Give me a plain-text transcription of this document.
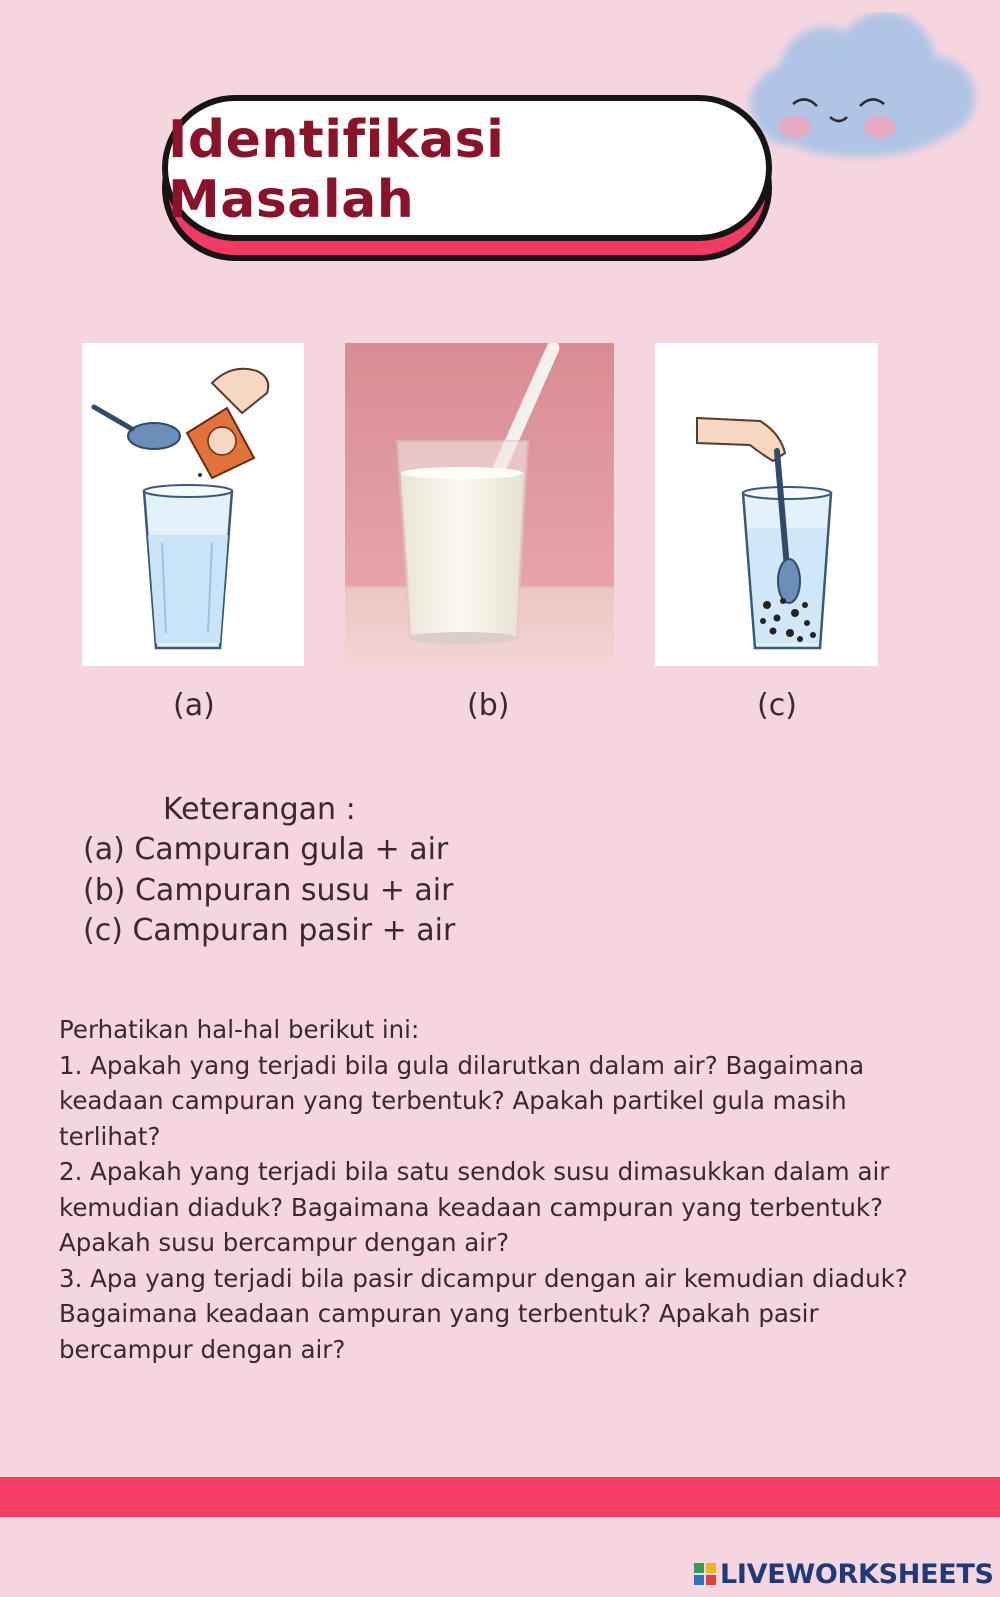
Identifikasi Masalah
(a)	(b)	(c)
Keterangan :
(a) Campuran gula + air
(b) Campuran susu + air
(c) Campuran pasir + air

Perhatikan hal-hal berikut ini:

1. Apakah yang terjadi bila gula dilarutkan dalam air? Bagaimana keadaan campuran yang terbentuk? Apakah partikel gula masih terlihat?

2. Apakah yang terjadi bila satu sendok susu dimasukkan dalam air kemudian diaduk? Bagaimana keadaan campuran yang terbentuk? Apakah susu bercampur dengan air?

3. Apa yang terjadi bila pasir dicampur dengan air kemudian diaduk? Bagaimana keadaan campuran yang terbentuk? Apakah pasir bercampur dengan air?

LIVEWORKSHEETS
